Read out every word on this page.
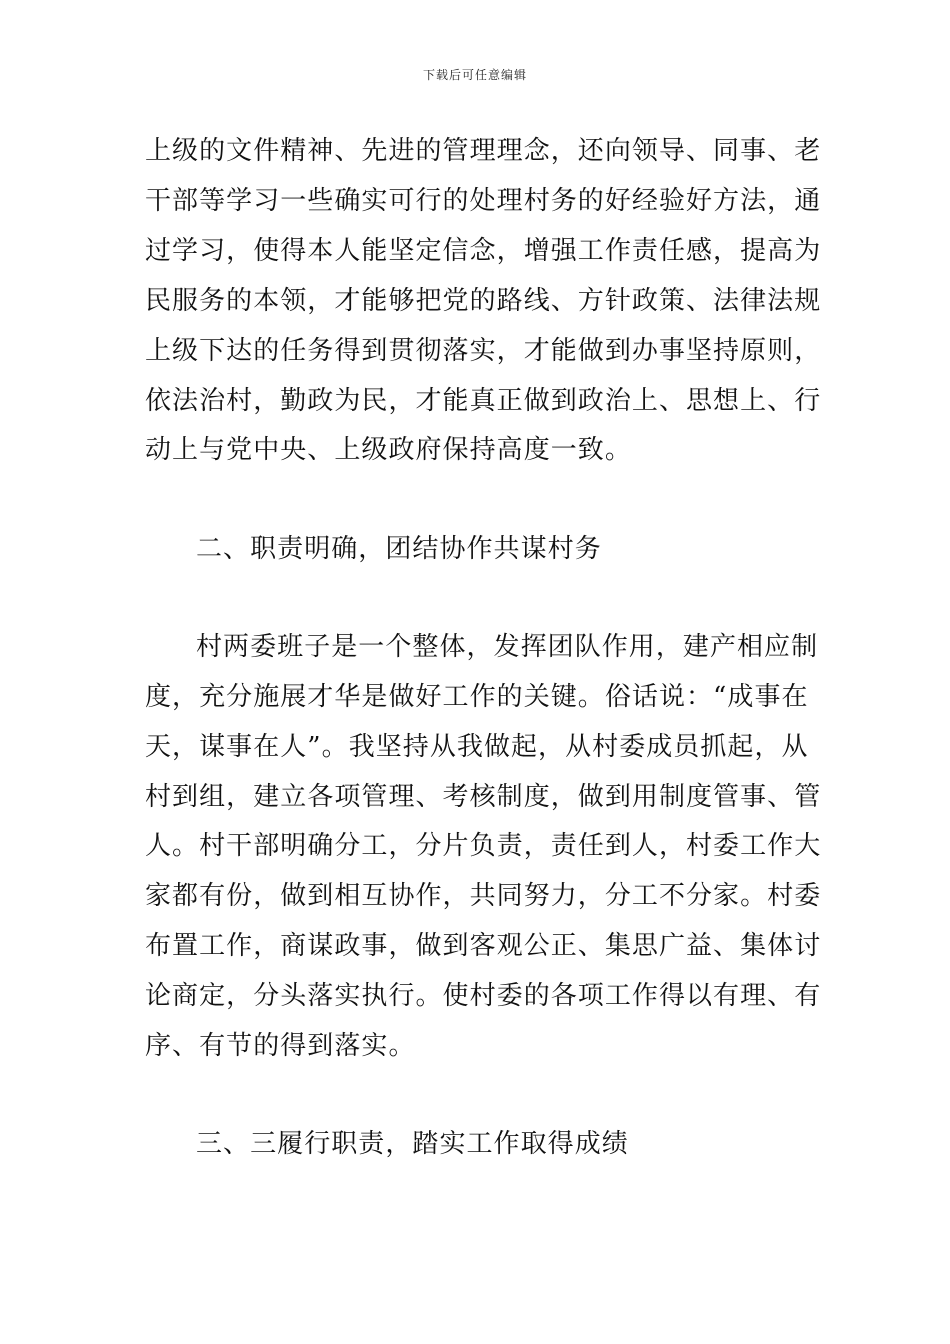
下载后可任意编辑
上级的文件精神、先进的管理理念，还向领导、同事、老
干部等学习一些确实可行的处理村务的好经验好方法，通
过学习，使得本人能坚定信念，增强工作责任感，提高为
民服务的本领，才能够把党的路线、方针政策、法律法规
上级下达的任务得到贯彻落实，才能做到办事坚持原则，
依法治村，勤政为民，才能真正做到政治上、思想上、行
动上与党中央、上级政府保持高度一致。
二、职责明确，团结协作共谋村务
村两委班子是一个整体，发挥团队作用，建产相应制
度，充分施展才华是做好工作的关键。俗话说：“成事在
天，谋事在人”。我坚持从我做起，从村委成员抓起，从
村到组，建立各项管理、考核制度，做到用制度管事、管
人。村干部明确分工，分片负责，责任到人，村委工作大
家都有份，做到相互协作，共同努力，分工不分家。村委
布置工作，商谋政事，做到客观公正、集思广益、集体讨
论商定，分头落实执行。使村委的各项工作得以有理、有
序、有节的得到落实。
三、三履行职责，踏实工作取得成绩
